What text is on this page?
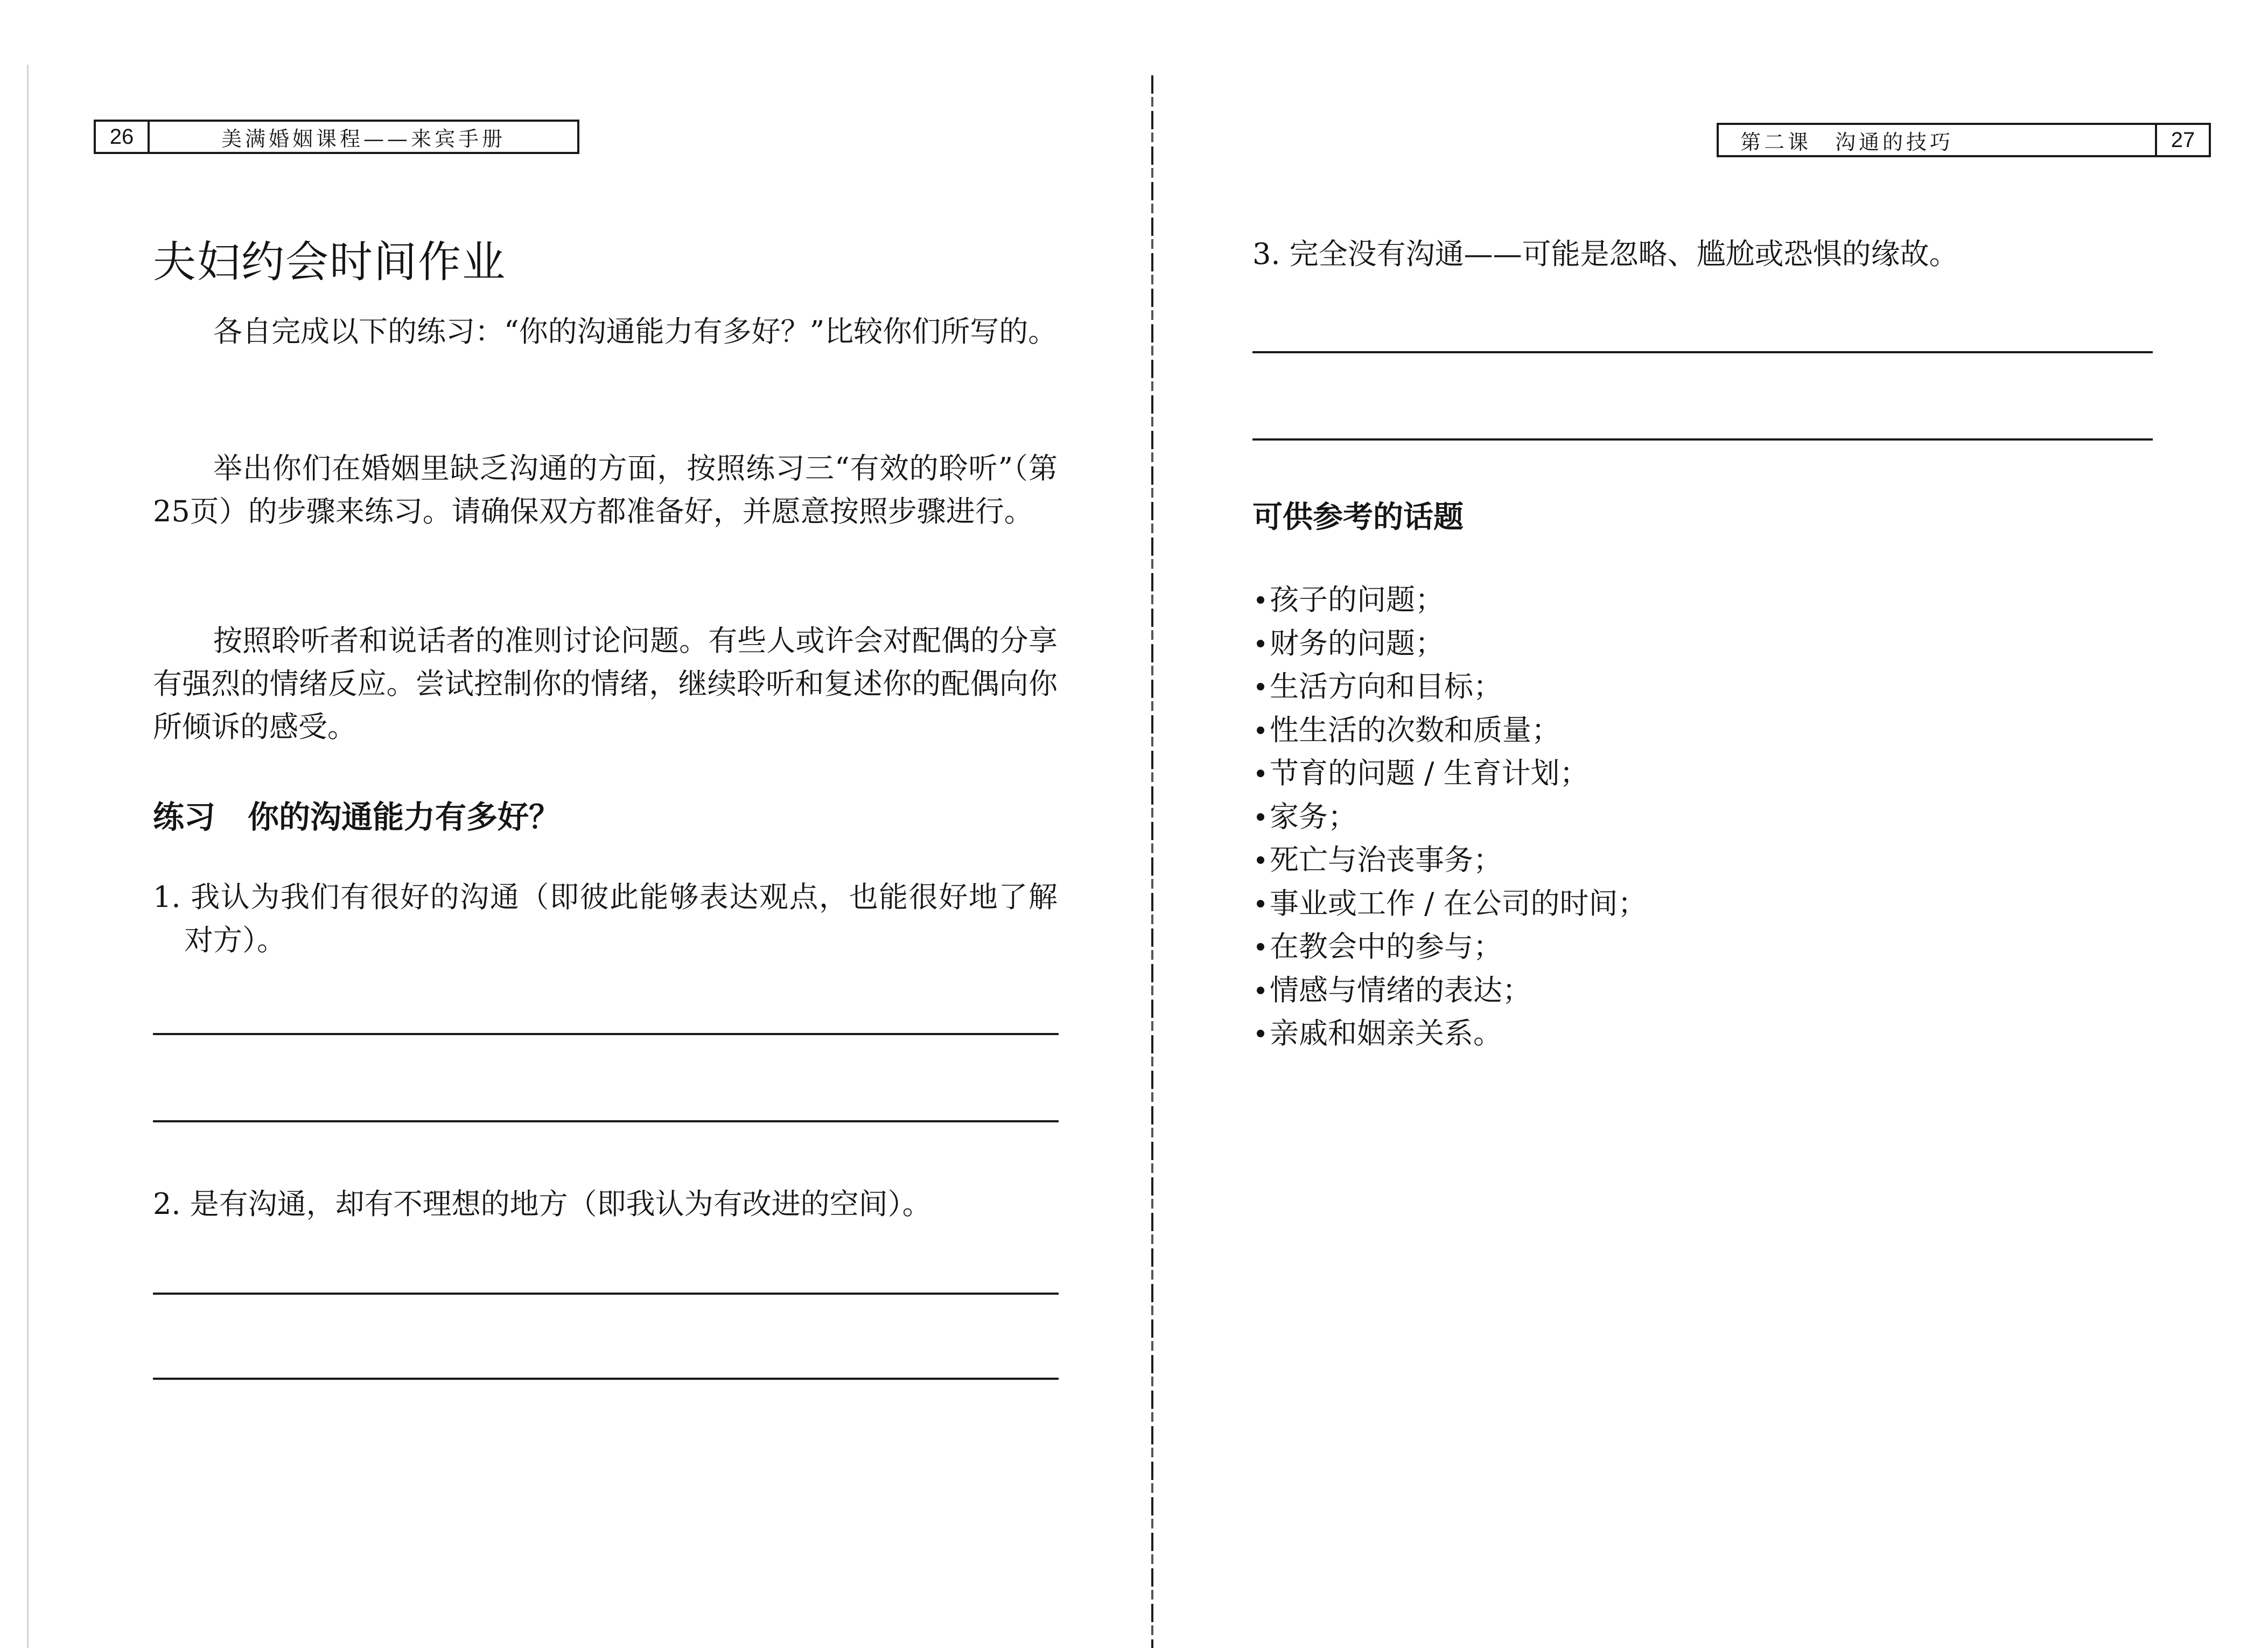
26	美满婚姻课程——来宾手册
夫妇约会时间作业

各自完成以下的练习：“你的沟通能力有多好？”比较你们所写的。

举出你们在婚姻里缺乏沟通的方面，按照练习三“有效的聆听”（第25页）的步骤来练习。请确保双方都准备好，并愿意按照步骤进行。

按照聆听者和说话者的准则讨论问题。有些人或许会对配偶的分享有强烈的情绪反应。尝试控制你的情绪，继续聆听和复述你的配偶向你所倾诉的感受。

练习 你的沟通能力有多好？

1. 我认为我们有很好的沟通（即彼此能够表达观点，也能很好地了解对方）。

2. 是有沟通，却有不理想的地方（即我认为有改进的空间）。

第二课　沟通的技巧	27

3. 完全没有沟通——可能是忽略、尴尬或恐惧的缘故。

可供参考的话题
孩子的问题；
财务的问题；
生活方向和目标；
性生活的次数和质量；
节育的问题 / 生育计划；
家务；
死亡与治丧事务；
事业或工作 / 在公司的时间；
在教会中的参与；
情感与情绪的表达；
亲戚和姻亲关系。
